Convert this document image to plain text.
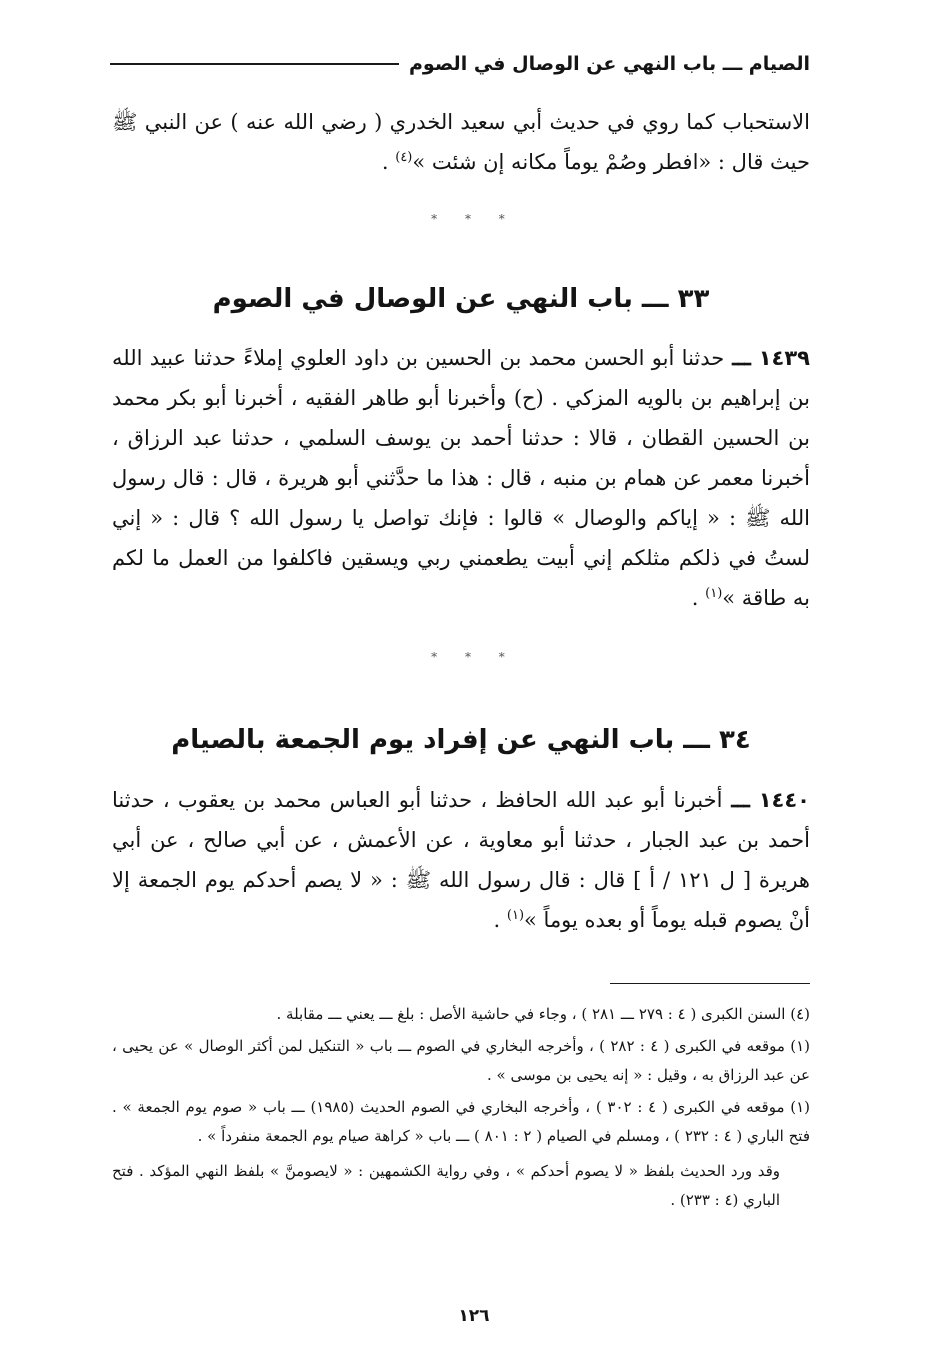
الصيام ـــ باب النهي عن الوصال في الصوم

الاستحباب كما روي في حديث أبي سعيد الخدري ( رضي الله عنه ) عن النبي ﷺ حيث قال : «افطر وصُمْ يوماً مكانه إن شئت »$^{(٤)}$ .

* * *
٣٣ ـــ باب النهي عن الوصال في الصوم

١٤٣٩ ـــ حدثنا أبو الحسن محمد بن الحسين بن داود العلوي إملاءً حدثنا عبيد الله بن إبراهيم بن بالويه المزكي . (ح) وأخبرنا أبو طاهر الفقيه ، أخبرنا أبو بكر محمد بن الحسين القطان ، قالا : حدثنا أحمد بن يوسف السلمي ، حدثنا عبد الرزاق ، أخبرنا معمر عن همام بن منبه ، قال : هذا ما حدَّثني أبو هريرة ، قال : قال رسول الله ﷺ : « إياكم والوصال » قالوا : فإنك تواصل يا رسول الله ؟ قال : « إني لستُ في ذلكم مثلكم إني أبيت يطعمني ربي ويسقين فاكلفوا من العمل ما لكم به طاقة »$^{(١)}$ .

* * *
٣٤ ـــ باب النهي عن إفراد يوم الجمعة بالصيام

١٤٤٠ ـــ أخبرنا أبو عبد الله الحافظ ، حدثنا أبو العباس محمد بن يعقوب ، حدثنا أحمد بن عبد الجبار ، حدثنا أبو معاوية ، عن الأعمش ، عن أبي صالح ، عن أبي هريرة [ ل ١٢١ / أ ] قال : قال رسول الله ﷺ : « لا يصم أحدكم يوم الجمعة إلا أنْ يصوم قبله يوماً أو بعده يوماً »$^{(١)}$ .

(٤) السنن الكبرى ( ٤ : ٢٧٩ ـــ ٢٨١ ) ، وجاء في حاشية الأصل : بلغ ـــ يعني ـــ مقابلة .

(١) موقعه في الكبرى ( ٤ : ٢٨٢ ) ، وأخرجه البخاري في الصوم ـــ باب « التنكيل لمن أكثر الوصال » عن يحيى ، عن عبد الرزاق به ، وقيل : « إنه يحيى بن موسى » .

(١) موقعه في الكبرى ( ٤ : ٣٠٢ ) ، وأخرجه البخاري في الصوم الحديث (١٩٨٥) ـــ باب « صوم يوم الجمعة » . فتح الباري ( ٤ : ٢٣٢ ) ، ومسلم في الصيام ( ٢ : ٨٠١ ) ـــ باب « كراهة صيام يوم الجمعة منفرداً » .

وقد ورد الحديث بلفظ « لا يصوم أحدكم » ، وفي رواية الكشمهين : « لايصومنَّ » بلفظ النهي المؤكد . فتح الباري (٤ : ٢٣٣) .

١٢٦
